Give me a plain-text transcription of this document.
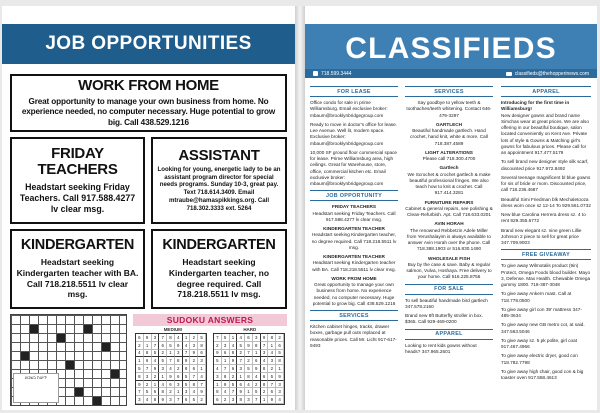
JOB OPPORTUNITIES
WORK FROM HOME
Great opportunity to manage your own business from home. No experience needed, no computer necessary. Huge potential to grow big. Call 438.529.1216
FRIDAY TEACHERS
Headstart seeking Friday Teachers. Call 917.588.4277 lv clear msg.
ASSISTANT
Looking for young, energetic lady to be an assistant program director for special needs programs. Sunday 10-3, great pay. Text 718.614.3409. Email mtraube@hamaspikkings.org. Call 718.302.3333 ext. 5264
KINDERGARTEN
Headstart seeking Kindergarten teacher with BA. Call 718.218.5511 lv clear msg.
KINDERGARTEN
Headstart seeking Kindergarten teacher, no degree required. Call 718.218.5511 lv msg.
ידיעות בשבוע
SUDOKU ANSWERS
MEDIUM	HARD
6	9	3	7	8	4	1	2	5
2	1	7	6	5	9	4	3	8
4	8	5	2	1	3	7	9	6
1	6	4	5	7	8	9	2	3
5	7	9	3	4	2	8	6	1
8	3	2	1	9	6	5	7	4
9	2	1	4	6	3	5	8	7
7	5	6	8	2	1	3	4	9
3	4	8	9	3	7	6	5	2
7	5	1	4	6	3	9	8	2
2	3	4	5	9	8	7	1	6
9	6	8	2	7	1	3	4	5
5	1	9	7	2	6	4	3	8
4	7	6	3	5	9	8	2	1
3	8	2	1	8	4	6	5	9
1	9	5	6	4	2	8	7	3
8	4	7	9	1	5	2	6	3
6	2	3	8	3	7	1	9	4
CLASSIFIEDS
718.599.3444	classifieds@thehopperinews.com
FOR LEASE
Office condo for sale in prime Williamsburg. Email exclusive broker: mbaum@brooklynbridgegroup.com
Ready to move in doctor's office for lease. Lee Avenue. Well lit, modern space. Exclusive broker: mbaum@brooklynbridgegroup.com
10,000 SF ground floor commercial space for lease. Prime Williamsburg area, high ceilings. Great for Warehouse, store, office, commercial kitchen etc. Email exclusive broker: mbaum@brooklynbridgegroup.com
JOB OPPORTUNITY
FRIDAY TEACHERS
Headstart seeking Friday Teachers. Call 917.588.4277 lv clear msg.
KINDERGARTEN TEACHER
Headstart seeking Kindergarten teacher, no degree required. Call 718.218.5511 lv msg.
KINDERGARTEN TEACHER
Headstart seeking Kindergarten teacher with BA. Call 718.218.5511 lv clear msg.
WORK FROM HOME
Great opportunity to manage your own business from home. No experience needed, no computer necessary. Huge potential to grow big. Call 438.529.1216
SERVICES
Kitchen cabinet hinges, tracks, drawer boxes, garbage pull outs replaced at reasonable prices. Call Mr. Licht 917-617-9493
SERVICES
Say goodbye to yellow teeth & toothaches/teeth whitening. Contact 646-479-3297
GARTLECH
Beautiful handmade gartlech. Hand crochet, hand knit, white & more. Call 718.387.4589
LIGHT ALTERATIONS
Please call 718.300.4700
Gartlech
We Scrochet & crochet gartlech & make beautiful professional fringes. We also teach how to knit & crochet. Call 917.414.3281
FURNITURE REPAIRS
Cabinet & general repairs, see polishing & Clean-Refurbish. Apt. Call 718.633.0201
AVIN HORAH
The renowned Rebbetzin Adele Miller from Yerushalayim is always available to answer Avin Horah over the phone. Call 718.388.1903 or 516.830.1490
WHOLESALE FISH
Buy by the case & save. Baby & regular salmon, Vulva, Hoshaya. Free delivery to your home. Call 516.225.8756
FOR SALE
To sell beautiful handmade bird gartlech 347.578.2160
Brand new 8ft Butterfly stroller in box. $365. Call 929-469-0200
APPAREL
Looking to rent kids gowns without heads? 347.965.2601
APPAREL
Introducing for the first time in Williamsburg!
New designer gowns and brand name Simchas wear at great prices. We are also offering in our beautiful boutique, salon located conveniently on Kent Ave. Private lots of style & Gowns & Matching girl's gowns for fabulous prices. Please call for an appointment 917.477.5179
To sell brand new designer style silk scarf, discounted price 917.972.8492
Several teenage magnificent bl blue gowns for sis of bride or mom. Discounted price, call 718.236.4687
Beautiful Simi Friedman blk Mechaletooza dress worn once sz 12-14 To 929.561.0732
New blue Carolina Herrera dress sz. 4 to rent 929.355.6772
Brand new elegant sz. nine green Lillie Johnson 2 piece to sell for great price 347.709.9003
FREE GIVEAWAY
To give away Wilmotalis product (9in) Protect, Omega Foods blood builder. Mayo 3, Defense. Max Health. Chewable Omega gummy 1800. 718-387-3048
To give away Ankern mast. Call at 718.778.0500
To give away girl con 39' mattress 347-485-3634
To give away new GB metro cot, at said. 347.563.5046
To give away sz. 5 pk polite, girl coat 917.467.4966
To give away electric dryer, good con 718.782.7798
To give away high chair, good con & big toaster oven 917.558.4613
